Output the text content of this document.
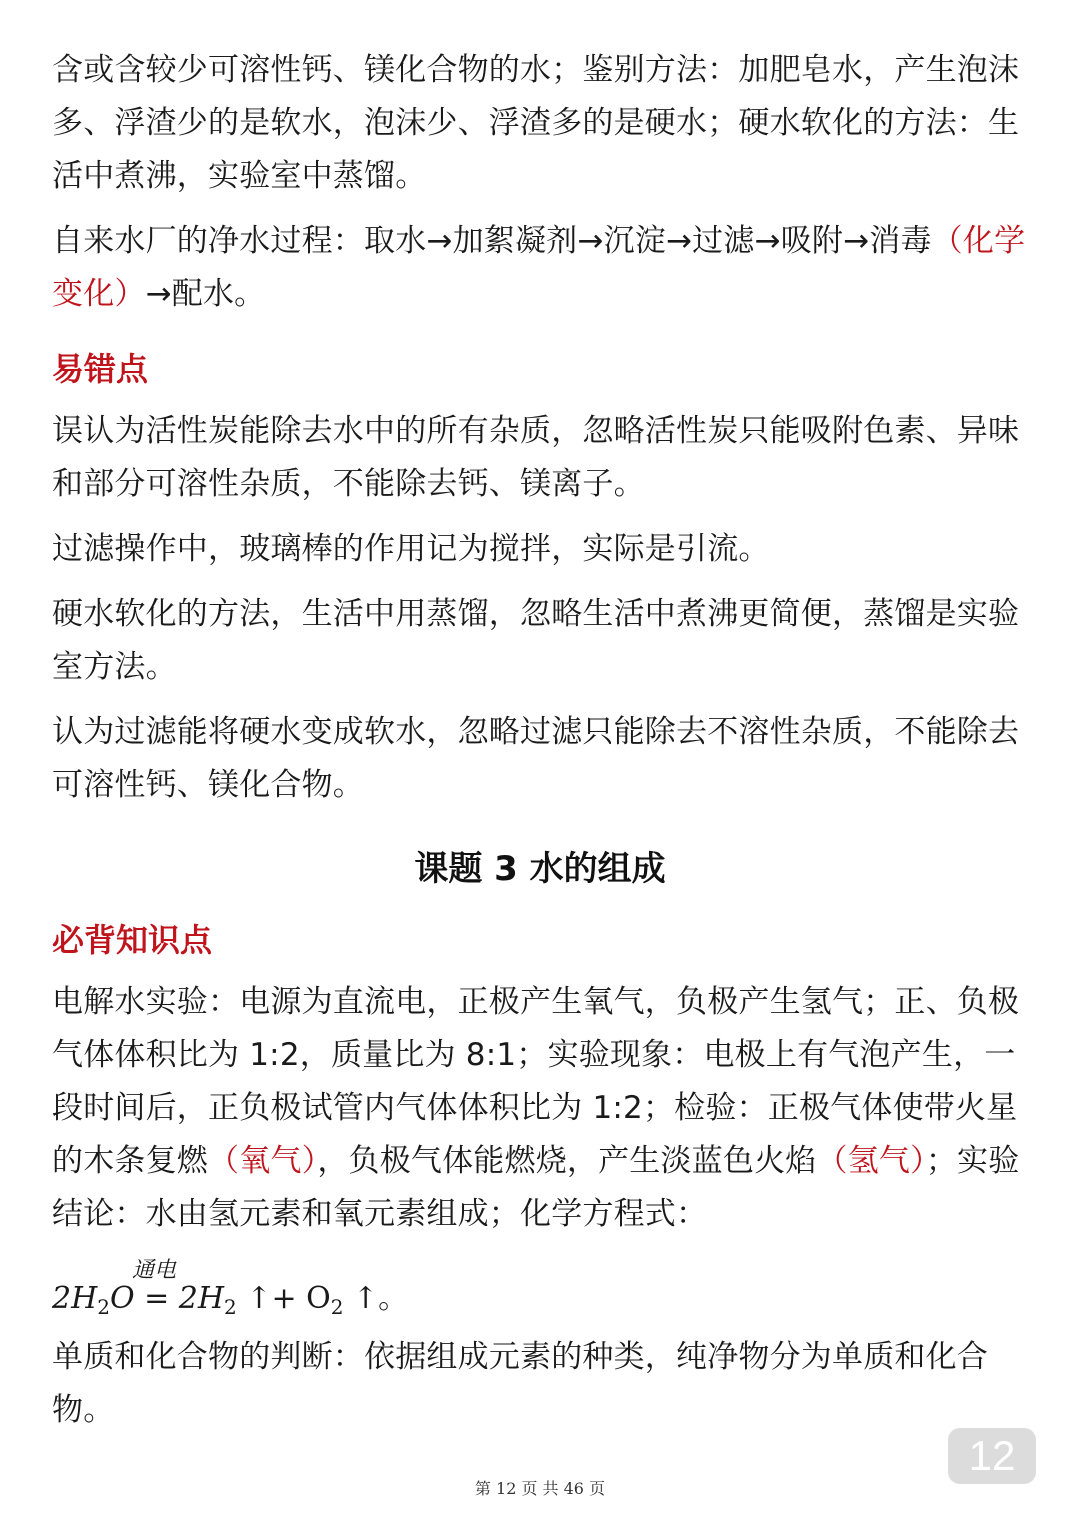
含或含较少可溶性钙、镁化合物的水；鉴别方法：加肥皂水，产生泡沫多、浮渣少的是软水，泡沫少、浮渣多的是硬水；硬水软化的方法：生活中煮沸，实验室中蒸馏。

自来水厂的净水过程：取水→加絮凝剂→沉淀→过滤→吸附→消毒（化学变化）→配水。

易错点

误认为活性炭能除去水中的所有杂质，忽略活性炭只能吸附色素、异味和部分可溶性杂质，不能除去钙、镁离子。

过滤操作中，玻璃棒的作用记为搅拌，实际是引流。

硬水软化的方法，生活中用蒸馏，忽略生活中煮沸更简便，蒸馏是实验室方法。

认为过滤能将硬水变成软水，忽略过滤只能除去不溶性杂质，不能除去可溶性钙、镁化合物。

课题 3 水的组成
必背知识点

电解水实验：电源为直流电，正极产生氧气，负极产生氢气；正、负极气体体积比为 1:2，质量比为 8:1；实验现象：电极上有气泡产生，一段时间后，正负极试管内气体体积比为 1:2；检验：正极气体使带火星的木条复燃（氧气），负极气体能燃烧，产生淡蓝色火焰（氢气）；实验结论：水由氢元素和氧元素组成；化学方程式：

通电
$2H_2O = 2H_2$ ↑+ $O_2$ ↑。

单质和化合物的判断：依据组成元素的种类，纯净物分为单质和化合物。

12
第 12 页 共 46 页
